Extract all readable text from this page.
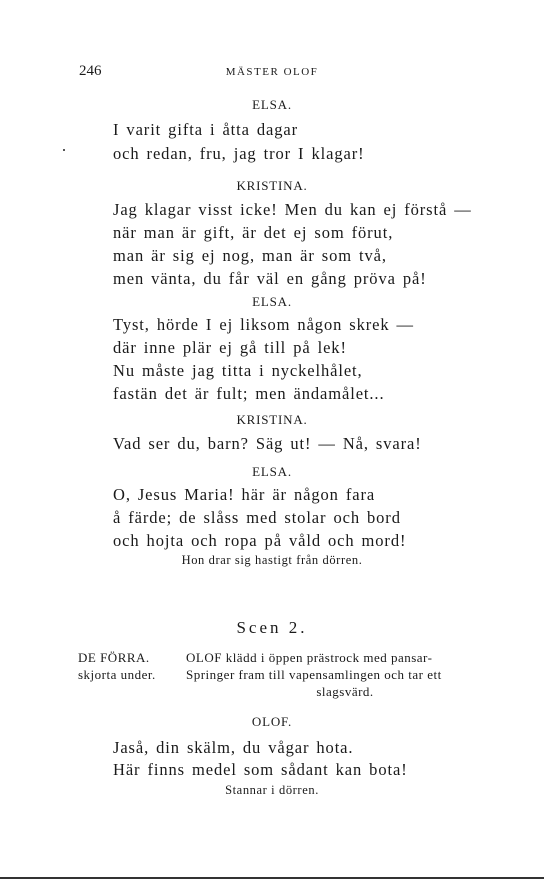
246	MÄSTER OLOF
ELSA.
I varit gifta i åtta dagar
och redan, fru, jag tror I klagar!
KRISTINA.
Jag klagar visst icke! Men du kan ej förstå —
när man är gift, är det ej som förut,
man är sig ej nog, man är som två,
men vänta, du får väl en gång pröva på!
ELSA.
Tyst, hörde I ej liksom någon skrek —
där inne plär ej gå till på lek!
Nu måste jag titta i nyckelhålet,
fastän det är fult; men ändamålet...
KRISTINA.
Vad ser du, barn? Säg ut! — Nå, svara!
ELSA.
O, Jesus Maria! här är någon fara
å färde; de slåss med stolar och bord
och hojta och ropa på våld och mord!
Hon drar sig hastigt från dörren.
Scen 2.
DE FÖRRA.
skjorta under.
OLOF klädd i öppen prästrock med pansar-
Springer fram till vapensamlingen och tar ett
slagsvärd.
OLOF.
Jaså, din skälm, du vågar hota.
Här finns medel som sådant kan bota!
Stannar i dörren.
